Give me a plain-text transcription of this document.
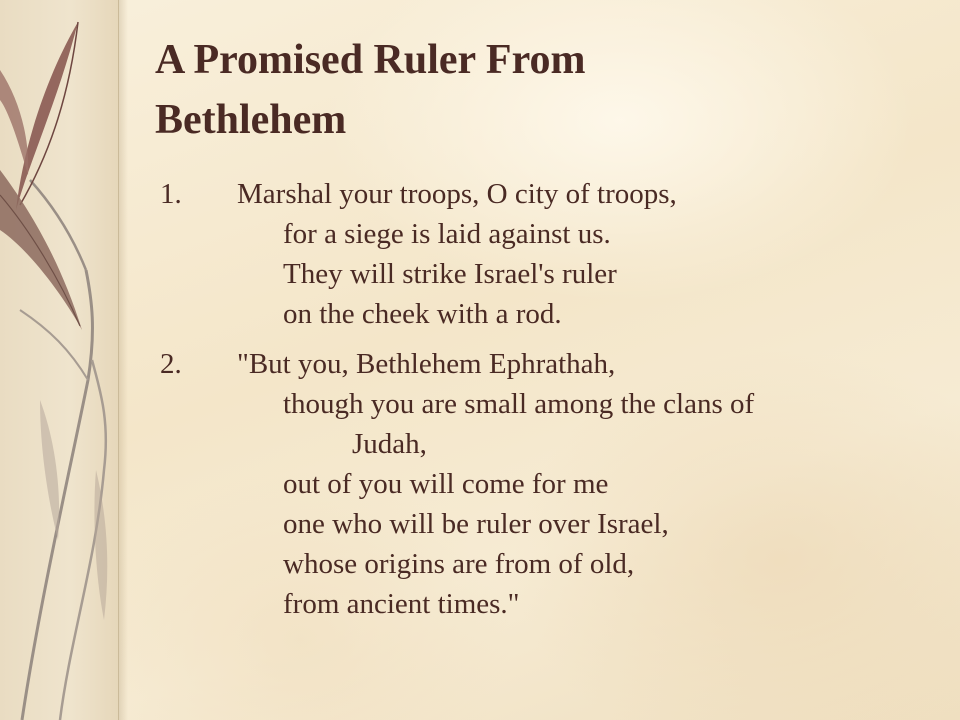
A Promised Ruler From
Bethlehem
1.	Marshal your troops, O city of troops,
for a siege is laid against us.
They will strike Israel's ruler
on the cheek with a rod.
2.	"But you, Bethlehem Ephrathah,
though you are small among the clans of
Judah,
out of you will come for me
one who will be ruler over Israel,
whose origins are from of old,
from ancient times."
